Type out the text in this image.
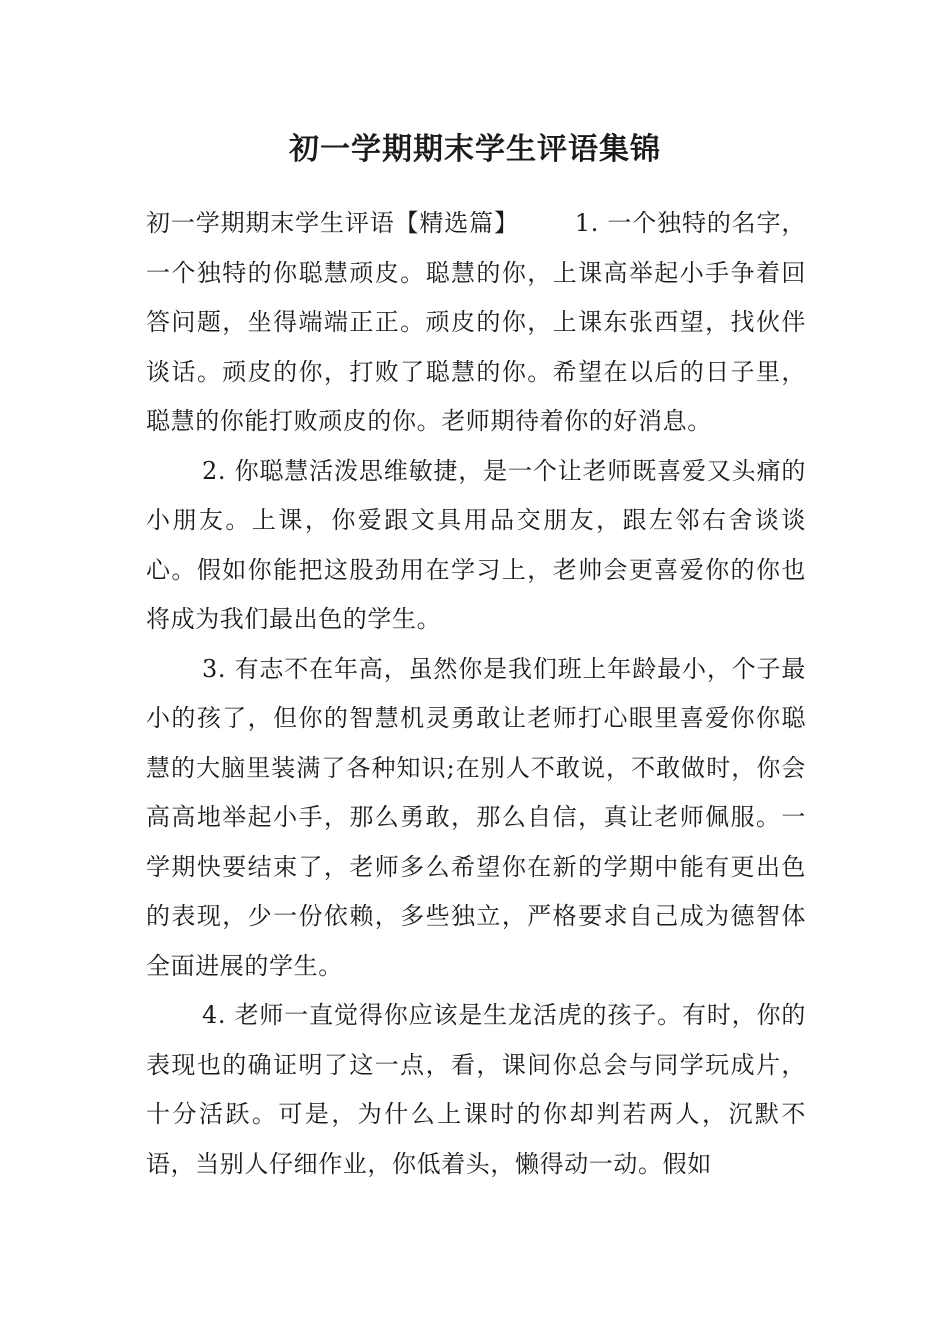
初一学期期末学生评语集锦

初一学期期末学生评语【精选篇】 1. 一个独特的名字，一个独特的你聪慧顽皮。聪慧的你，上课高举起小手争着回答问题，坐得端端正正。顽皮的你，上课东张西望，找伙伴谈话。顽皮的你，打败了聪慧的你。希望在以后的日子里，聪慧的你能打败顽皮的你。老师期待着你的好消息。

2. 你聪慧活泼思维敏捷，是一个让老师既喜爱又头痛的小朋友。上课，你爱跟文具用品交朋友，跟左邻右舍谈谈心。假如你能把这股劲用在学习上，老帅会更喜爱你的你也将成为我们最出色的学生。

3. 有志不在年高，虽然你是我们班上年龄最小，个子最小的孩了，但你的智慧机灵勇敢让老师打心眼里喜爱你你聪慧的大脑里装满了各种知识;在别人不敢说，不敢做时，你会高高地举起小手，那么勇敢，那么自信，真让老师佩服。一学期快要结束了，老师多么希望你在新的学期中能有更出色的表现，少一份依赖，多些独立，严格要求自己成为德智体全面进展的学生。

4. 老师一直觉得你应该是生龙活虎的孩子。有时，你的表现也的确证明了这一点，看，课间你总会与同学玩成片，十分活跃。可是，为什么上课时的你却判若两人，沉默不语，当别人仔细作业，你低着头，懒得动一动。假如
